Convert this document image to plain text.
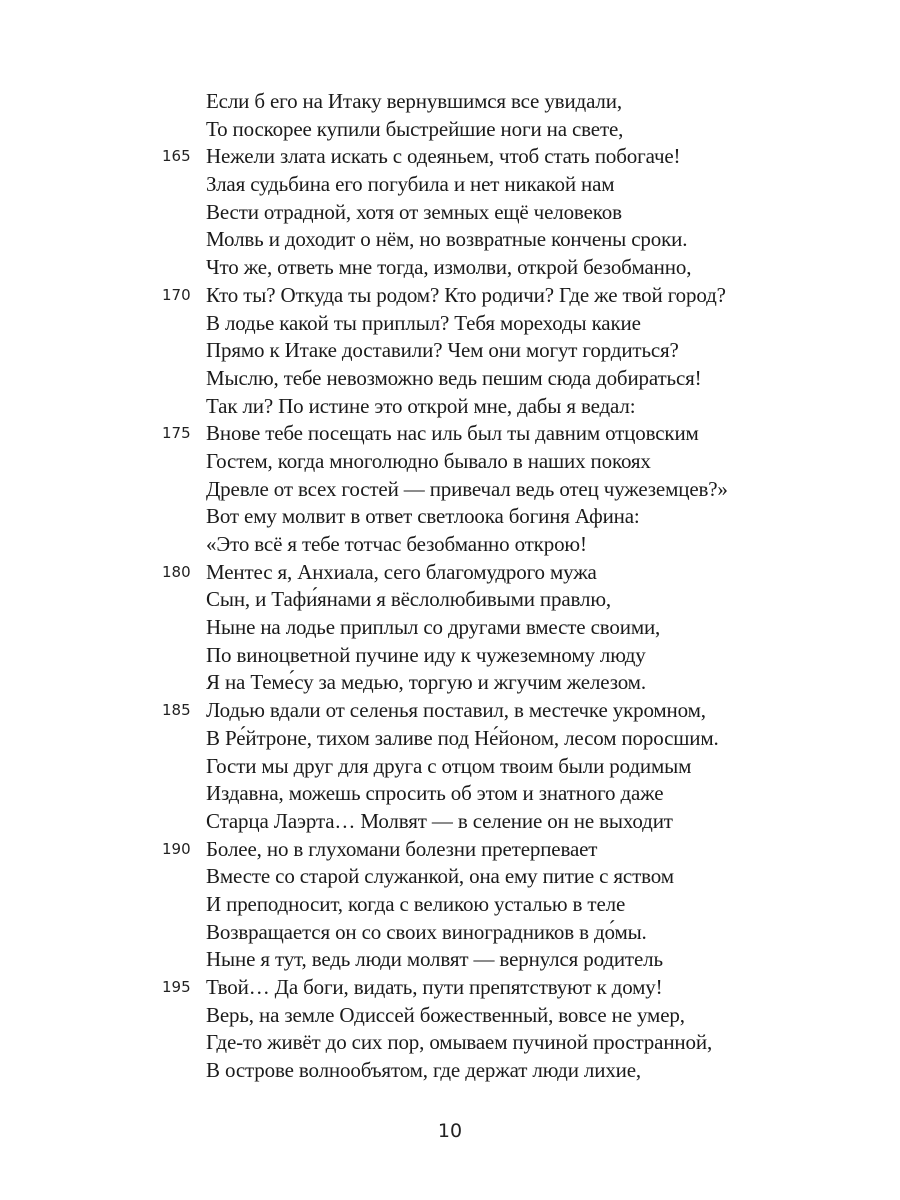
Если б его на Итаку вернувшимся все увидали,
То поскорее купили быстрейшие ноги на свете,
165 Нежели злата искать с одеяньем, чтоб стать побогаче!
Злая судьбина его погубила и нет никакой нам
Вести отрадной, хотя от земных ещё человеков
Молвь и доходит о нём, но возвратные кончены сроки.
Что же, ответь мне тогда, измолви, открой безобманно,
170 Кто ты? Откуда ты родом? Кто родичи? Где же твой город?
В лодье какой ты приплыл? Тебя мореходы какие
Прямо к Итаке доставили? Чем они могут гордиться?
Мыслю, тебе невозможно ведь пешим сюда добираться!
Так ли? По истине это открой мне, дабы я ведал:
175 Внове тебе посещать нас иль был ты давним отцовским
Гостем, когда многолюдно бывало в наших покоях
Древле от всех гостей — привечал ведь отец чужеземцев?»
Вот ему молвит в ответ светлоока богиня Афина:
«Это всё я тебе тотчас безобманно открою!
180 Ментес я, Анхиала, сего благомудрого мужа
Сын, и Тафи́янами я вёслолюбивыми правлю,
Ныне на лодье приплыл со другами вместе своими,
По виноцветной пучине иду к чужеземному люду
Я на Теме́су за медью, торгую и жгучим железом.
185 Лодью вдали от селенья поставил, в местечке укромном,
В Ре́йтроне, тихом заливе под Не́йоном, лесом поросшим.
Гости мы друг для друга с отцом твоим были родимым
Издавна, можешь спросить об этом и знатного даже
Старца Лаэрта… Молвят — в селение он не выходит
190 Более, но в глухомани болезни претерпевает
Вместе со старой служанкой, она ему питие с яством
И преподносит, когда с великою усталью в теле
Возвращается он со своих виноградников в до́мы.
Ныне я тут, ведь люди молвят — вернулся родитель
195 Твой… Да боги, видать, пути препятствуют к дому!
Верь, на земле Одиссей божественный, вовсе не умер,
Где-то живёт до сих пор, омываем пучиной пространной,
В острове волнообъятом, где держат люди лихие,
10
